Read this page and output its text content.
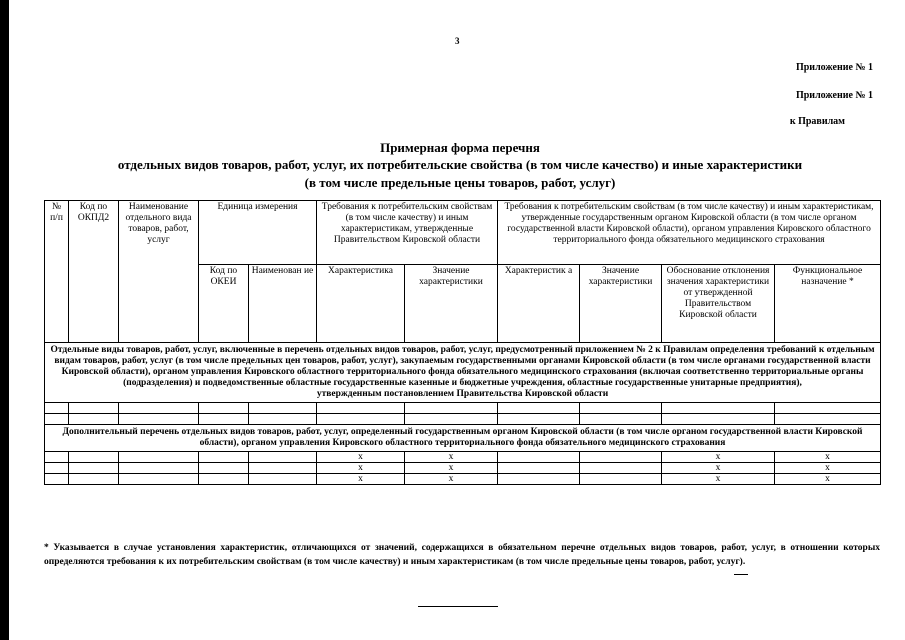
3
Приложение № 1
Приложение № 1
к Правилам
Примерная форма перечня
отдельных видов товаров, работ, услуг, их потребительские свойства (в том числе качество) и иные характеристики
(в том числе предельные цены товаров, работ, услуг)
№ п/п	Код по ОКПД2	Наименование отдельного вида товаров, работ, услуг	Единица измерения		Требования к потребительским свойствам (в том числе качеству) и иным характеристикам, утвержденные Правительством Кировской области		Требования к потребительским свойствам (в том числе качеству) и иным характеристикам, утвержденные государственным органом Кировской области (в том числе органом государственной власти Кировской области), органом управления Кировского областного территориального фонда обязательного медицинского страхования			
			Код по ОКЕИ	Наименован ие	Характеристика	Значение характеристики	Характеристик а	Значение характеристики	Обоснование отклонения значения характеристики от утвержденной Правительством Кировской области	Функциональное назначение *
Отдельные виды товаров, работ, услуг, включенные в перечень отдельных видов товаров, работ, услуг, предусмотренный приложением № 2 к Правилам определения требований к отдельным видам товаров, работ, услуг (в том числе предельных цен товаров, работ, услуг), закупаемым государственными органами Кировской области (в том числе органами государственной власти Кировской области), органом управления Кировского областного территориального фонда обязательного медицинского страхования (включая соответственно территориальные органы (подразделения) и подведомственные областные государственные казенные и бюджетные учреждения, областные государственные унитарные предприятия),
утвержденным постановлением Правительства Кировской области										

Дополнительный перечень отдельных видов товаров, работ, услуг, определенный государственным органом Кировской области (в том числе органом государственной власти Кировской области), органом управления Кировского областного территориального фонда обязательного медицинского страхования										
					x	x			x	x
					x	x			x	x
					x	x			x	x
* Указывается в случае установления характеристик, отличающихся от значений, содержащихся в обязательном перечне отдельных видов товаров, работ, услуг, в отношении которых определяются требования к их потребительским свойствам (в том числе качеству) и иным характеристикам (в том числе предельные цены товаров, работ, услуг).
